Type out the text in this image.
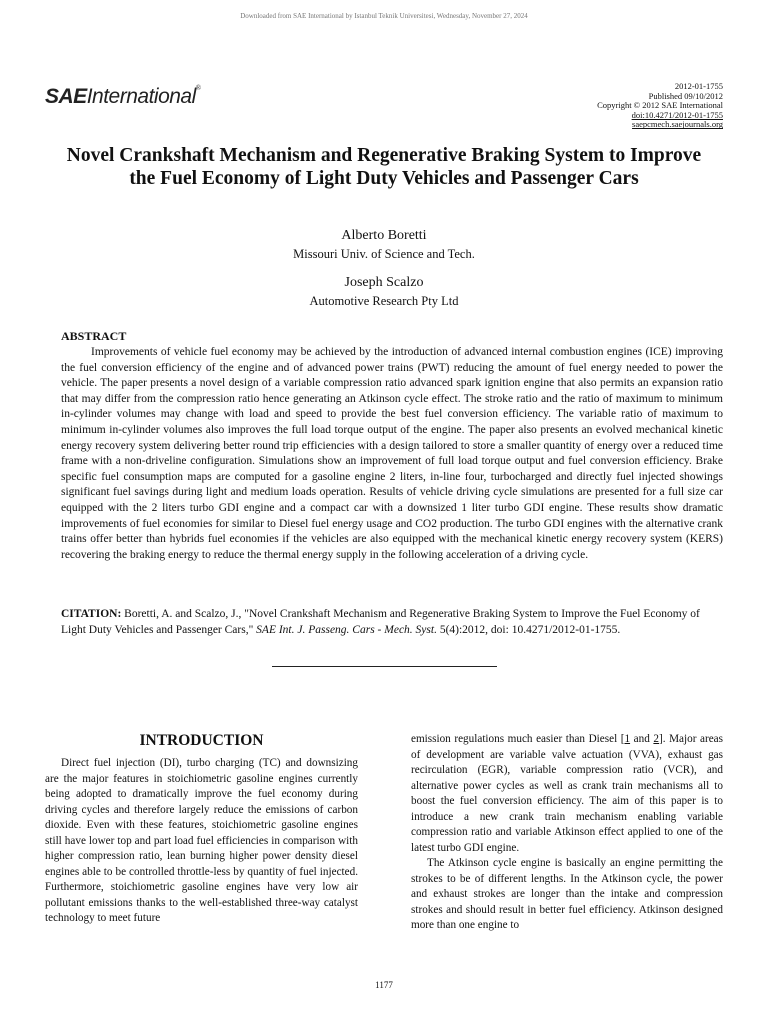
Downloaded from SAE International by Istanbul Teknik Universitesi, Wednesday, November 27, 2024
SAEInternational®	2012-01-1755
Published 09/10/2012
Copyright © 2012 SAE International
doi:10.4271/2012-01-1755
saepcmech.saejournals.org
Novel Crankshaft Mechanism and Regenerative Braking System to Improve the Fuel Economy of Light Duty Vehicles and Passenger Cars
Alberto Boretti
Missouri Univ. of Science and Tech.
Joseph Scalzo
Automotive Research Pty Ltd
ABSTRACT
Improvements of vehicle fuel economy may be achieved by the introduction of advanced internal combustion engines (ICE) improving the fuel conversion efficiency of the engine and of advanced power trains (PWT) reducing the amount of fuel energy needed to power the vehicle. The paper presents a novel design of a variable compression ratio advanced spark ignition engine that also permits an expansion ratio that may differ from the compression ratio hence generating an Atkinson cycle effect. The stroke ratio and the ratio of maximum to minimum in-cylinder volumes may change with load and speed to provide the best fuel conversion efficiency. The variable ratio of maximum to minimum in-cylinder volumes also improves the full load torque output of the engine. The paper also presents an evolved mechanical kinetic energy recovery system delivering better round trip efficiencies with a design tailored to store a smaller quantity of energy over a reduced time frame with a non-driveline configuration. Simulations show an improvement of full load torque output and fuel conversion efficiency. Brake specific fuel consumption maps are computed for a gasoline engine 2 liters, in-line four, turbocharged and directly fuel injected showings significant fuel savings during light and medium loads operation. Results of vehicle driving cycle simulations are presented for a full size car equipped with the 2 liters turbo GDI engine and a compact car with a downsized 1 liter turbo GDI engine. These results show dramatic improvements of fuel economies for similar to Diesel fuel energy usage and CO2 production. The turbo GDI engines with the alternative crank trains offer better than hybrids fuel economies if the vehicles are also equipped with the mechanical kinetic energy recovery system (KERS) recovering the braking energy to reduce the thermal energy supply in the following acceleration of a driving cycle.
CITATION: Boretti, A. and Scalzo, J., "Novel Crankshaft Mechanism and Regenerative Braking System to Improve the Fuel Economy of Light Duty Vehicles and Passenger Cars," SAE Int. J. Passeng. Cars - Mech. Syst. 5(4):2012, doi: 10.4271/2012-01-1755.
INTRODUCTION
Direct fuel injection (DI), turbo charging (TC) and downsizing are the major features in stoichiometric gasoline engines currently being adopted to dramatically improve the fuel economy during driving cycles and therefore largely reduce the emissions of carbon dioxide. Even with these features, stoichiometric gasoline engines still have lower top and part load fuel efficiencies in comparison with higher compression ratio, lean burning higher power density diesel engines able to be controlled throttle-less by quantity of fuel injected. Furthermore, stoichiometric gasoline engines have very low air pollutant emissions thanks to the well-established three-way catalyst technology to meet future

emission regulations much easier than Diesel [1 and 2]. Major areas of development are variable valve actuation (VVA), exhaust gas recirculation (EGR), variable compression ratio (VCR), and alternative power cycles as well as crank train mechanisms all to boost the fuel conversion efficiency. The aim of this paper is to introduce a new crank train mechanism enabling variable compression ratio and variable Atkinson effect applied to one of the latest turbo GDI engine.

The Atkinson cycle engine is basically an engine permitting the strokes to be of different lengths. In the Atkinson cycle, the power and exhaust strokes are longer than the intake and compression strokes and should result in better fuel efficiency. Atkinson designed more than one engine to

1177
